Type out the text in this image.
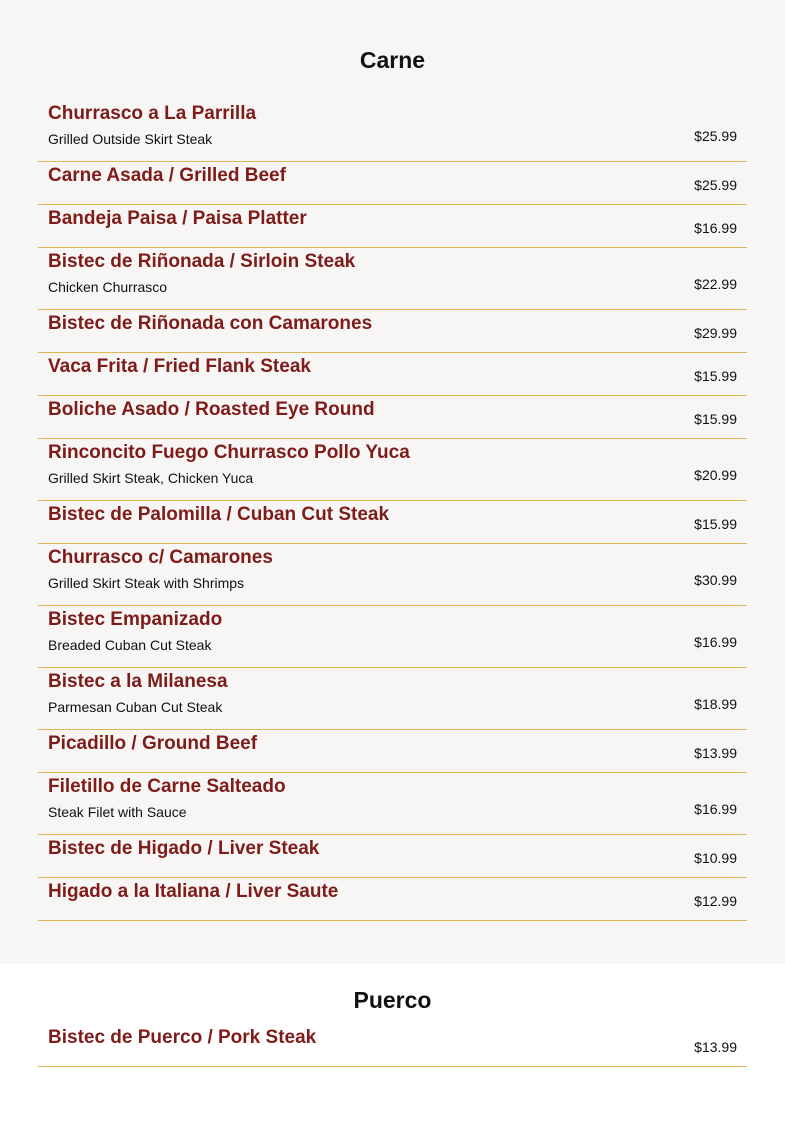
Carne
Churrasco a La Parrilla
Grilled Outside Skirt Steak	$25.99
Carne Asada / Grilled Beef	$25.99
Bandeja Paisa / Paisa Platter	$16.99
Bistec de Riñonada / Sirloin Steak
Chicken Churrasco	$22.99
Bistec de Riñonada con Camarones	$29.99
Vaca Frita / Fried Flank Steak	$15.99
Boliche Asado / Roasted Eye Round	$15.99
Rinconcito Fuego Churrasco Pollo Yuca
Grilled Skirt Steak, Chicken Yuca	$20.99
Bistec de Palomilla / Cuban Cut Steak	$15.99
Churrasco c/ Camarones
Grilled Skirt Steak with Shrimps	$30.99
Bistec Empanizado
Breaded Cuban Cut Steak	$16.99
Bistec a la Milanesa
Parmesan Cuban Cut Steak	$18.99
Picadillo / Ground Beef	$13.99
Filetillo de Carne Salteado
Steak Filet with Sauce	$16.99
Bistec de Higado / Liver Steak	$10.99
Higado a la Italiana / Liver Saute	$12.99
Puerco
Bistec de Puerco / Pork Steak	$13.99
